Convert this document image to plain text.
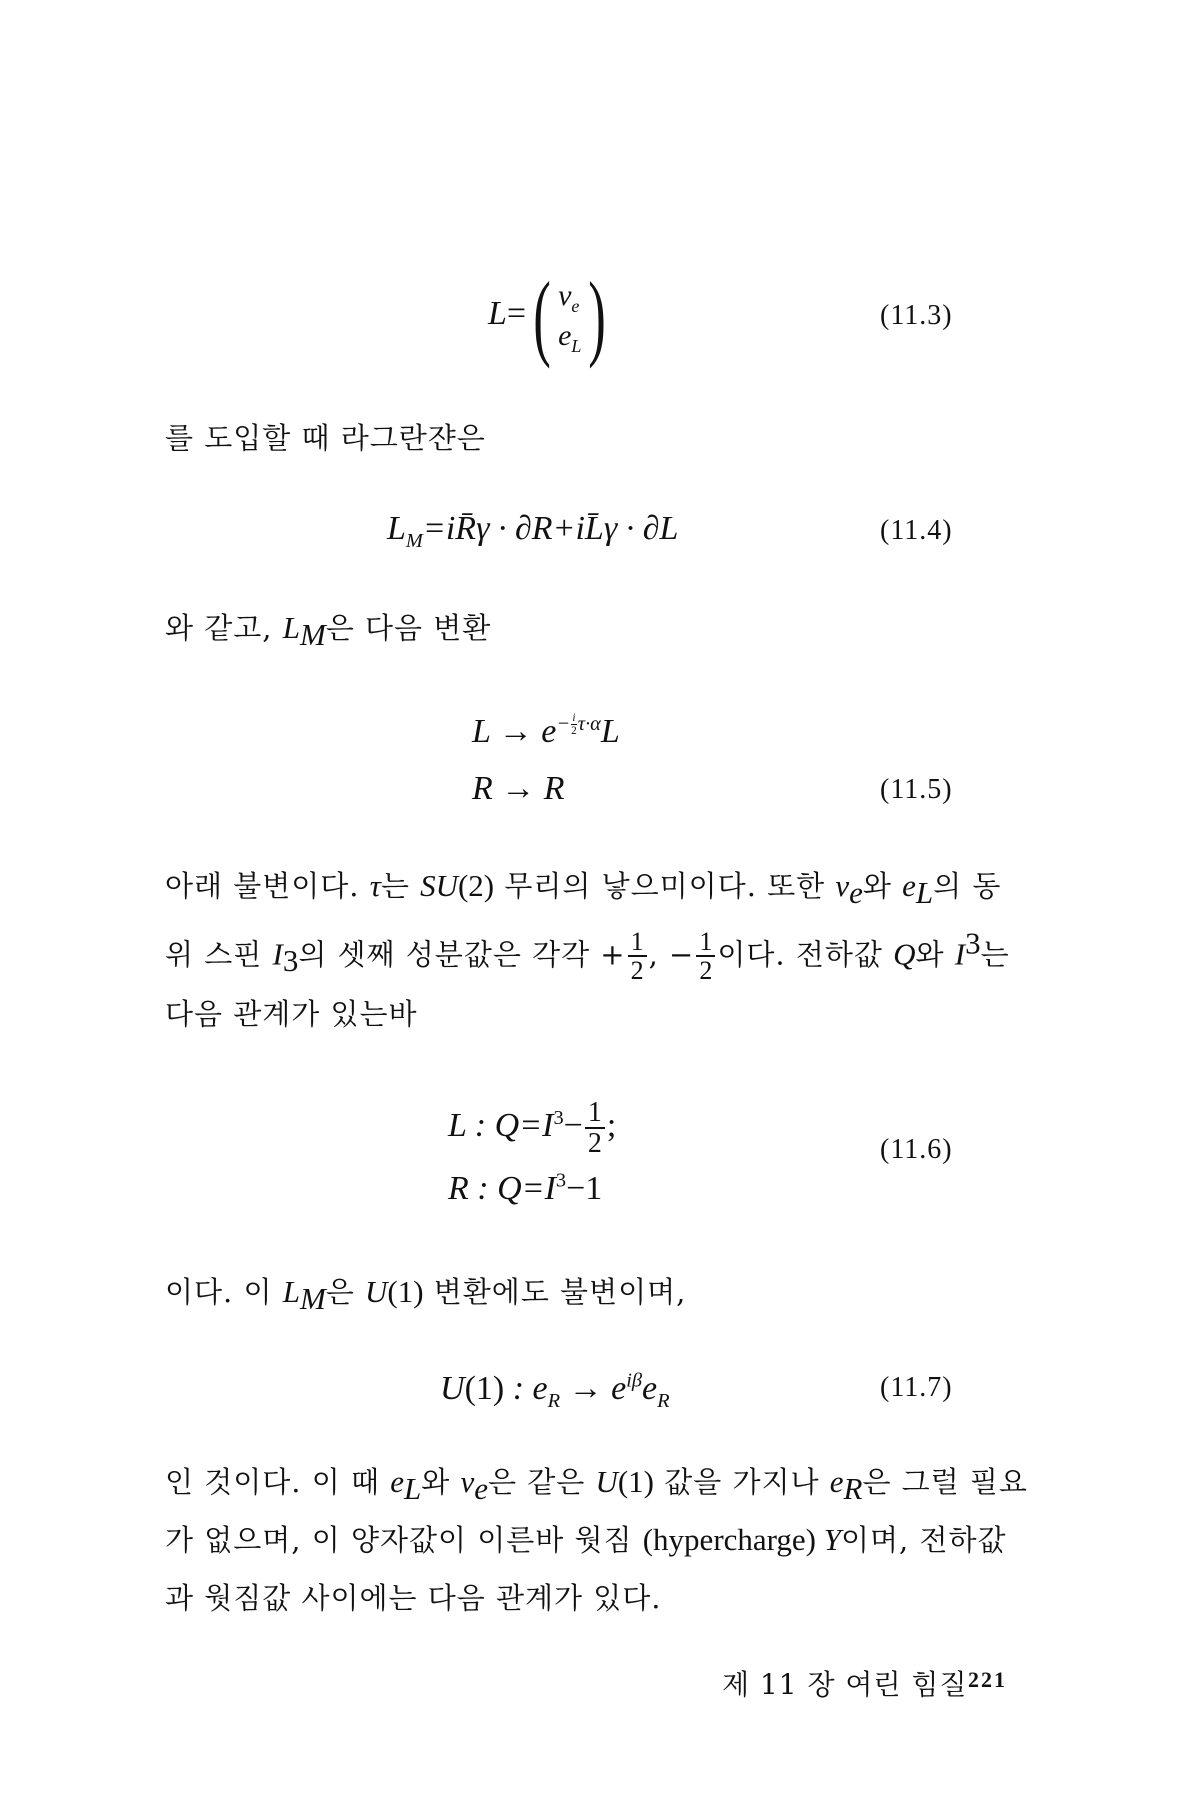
L= ( $\nu_e$
$e_L$ )	(11.3)
를 도입할 때 라그란쟌은
$L_M=iR̄\gamma$ · ∂R+iL̄γ · ∂L	(11.4)
와 같고, $L_M$은 다음 변환
$L \to e^{- \frac{i}{2} \tau\cdot\alpha}L$
R → R	(11.5)
아래 불변이다. τ는 SU(2) 무리의 낳으미이다. 또한 $\nu_e$와 $e_L$의 동
위 스핀 $I_3$의 셋째 성분값은 각각 + $\frac{1}{2}$ , − $\frac{1}{2}$ 이다. 전하값 Q와 $I^3$는
다음 관계가 있는바
L : $Q=I^3- \frac{1}{2}$ ;
R : $Q=I^3-1$
(11.6)
이다. 이 $L_M$은 U(1) 변환에도 불변이며,
U(1) : $e_R \to e^{i\beta}e_R$	(11.7)
인 것이다. 이 때 $e_L$와 $\nu_e$은 같은 U(1) 값을 가지나 $e_R$은 그럴 필요
가 없으며, 이 양자값이 이른바 웟짐 (hypercharge) Y이며, 전하값
과 웟짐값 사이에는 다음 관계가 있다.
제 11 장 여린 힘질 221
